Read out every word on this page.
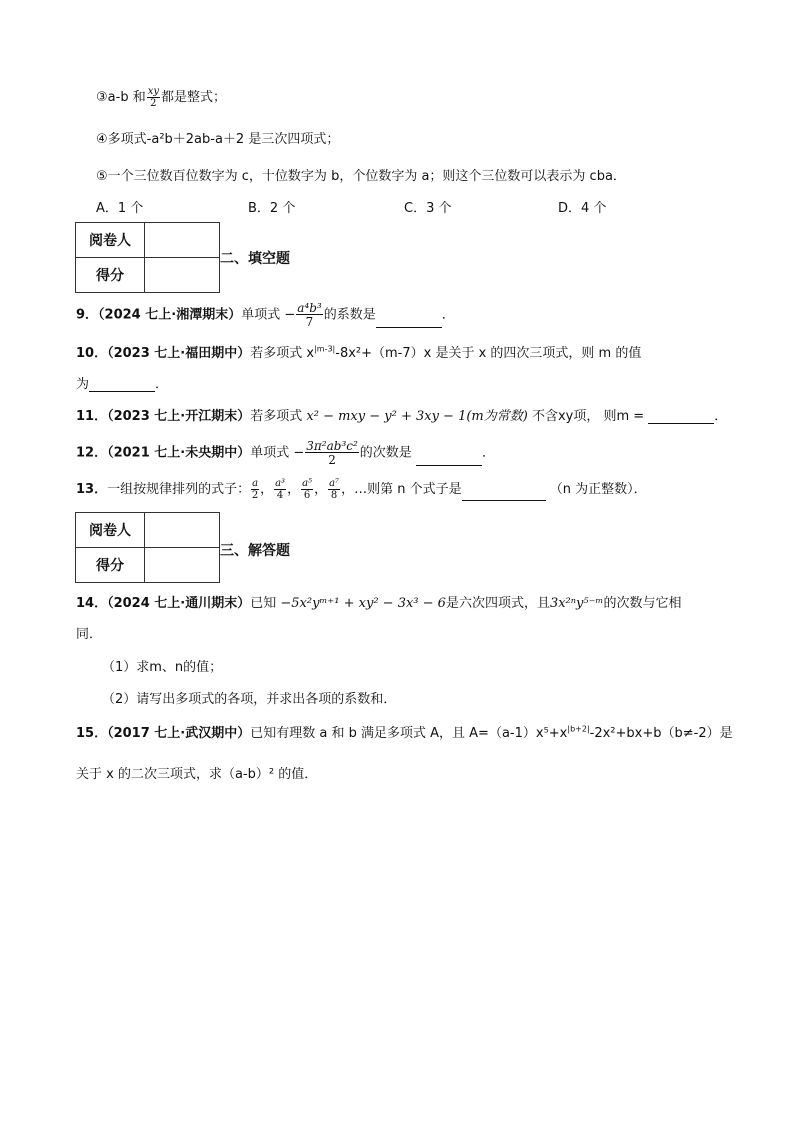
③a-b 和 $\frac{xy}{2}$ 都是整式；
④多项式-a²b＋2ab-a＋2 是三次四项式；
⑤一个三位数百位数字为 c，十位数字为 b，个位数字为 a；则这个三位数可以表示为 cba．
A．1 个	B．2 个	C．3 个	D．4 个
阅卷人	
得分	
二、填空题
9．（2024 七上·湘潭期末）单项式 − $\frac{\text{a⁴b³}}{7}$ 的系数是	．
10．（2023 七上·福田期中）若多项式 $x^{|m-3|}-8x^2+(m-7)x$ 是关于 x 的四次三项式，则 m 的值
为	．
11．（2023 七上·开江期末）若多项式 x² − mxy − y² + 3xy − 1(m为常数) 不含xy项， 则m =	．
12．（2021 七上·未央期中）单项式 − $\frac{\text{3π²ab³c²}}{2}$ 的次数是	．
13．一组按规律排列的式子： $\frac{a}{2}$ ， $\frac{\text{a³}}{4}$ ， $\frac{\text{a⁵}}{6}$ ， $\frac{\text{a⁷}}{8}$ ，…则第 n 个式子是	（n 为正整数）．
阅卷人	
得分	
三、解答题
14．（2024 七上·通川期末）已知 −5x²yᵐ⁺¹ + xy² − 3x³ − 6是六次四项式，且3x²ⁿy⁵⁻ᵐ的次数与它相
同．
（1）求m、n的值；
（2）请写出多项式的各项，并求出各项的系数和．
15．（2017 七上·武汉期中）已知有理数 a 和 b 满足多项式 A，且 $A=(a-1)x^5+x^{|b+2|}-2x^2+bx+b(b\ne-2)$是
关于 x 的二次三项式，求（a-b）² 的值．
